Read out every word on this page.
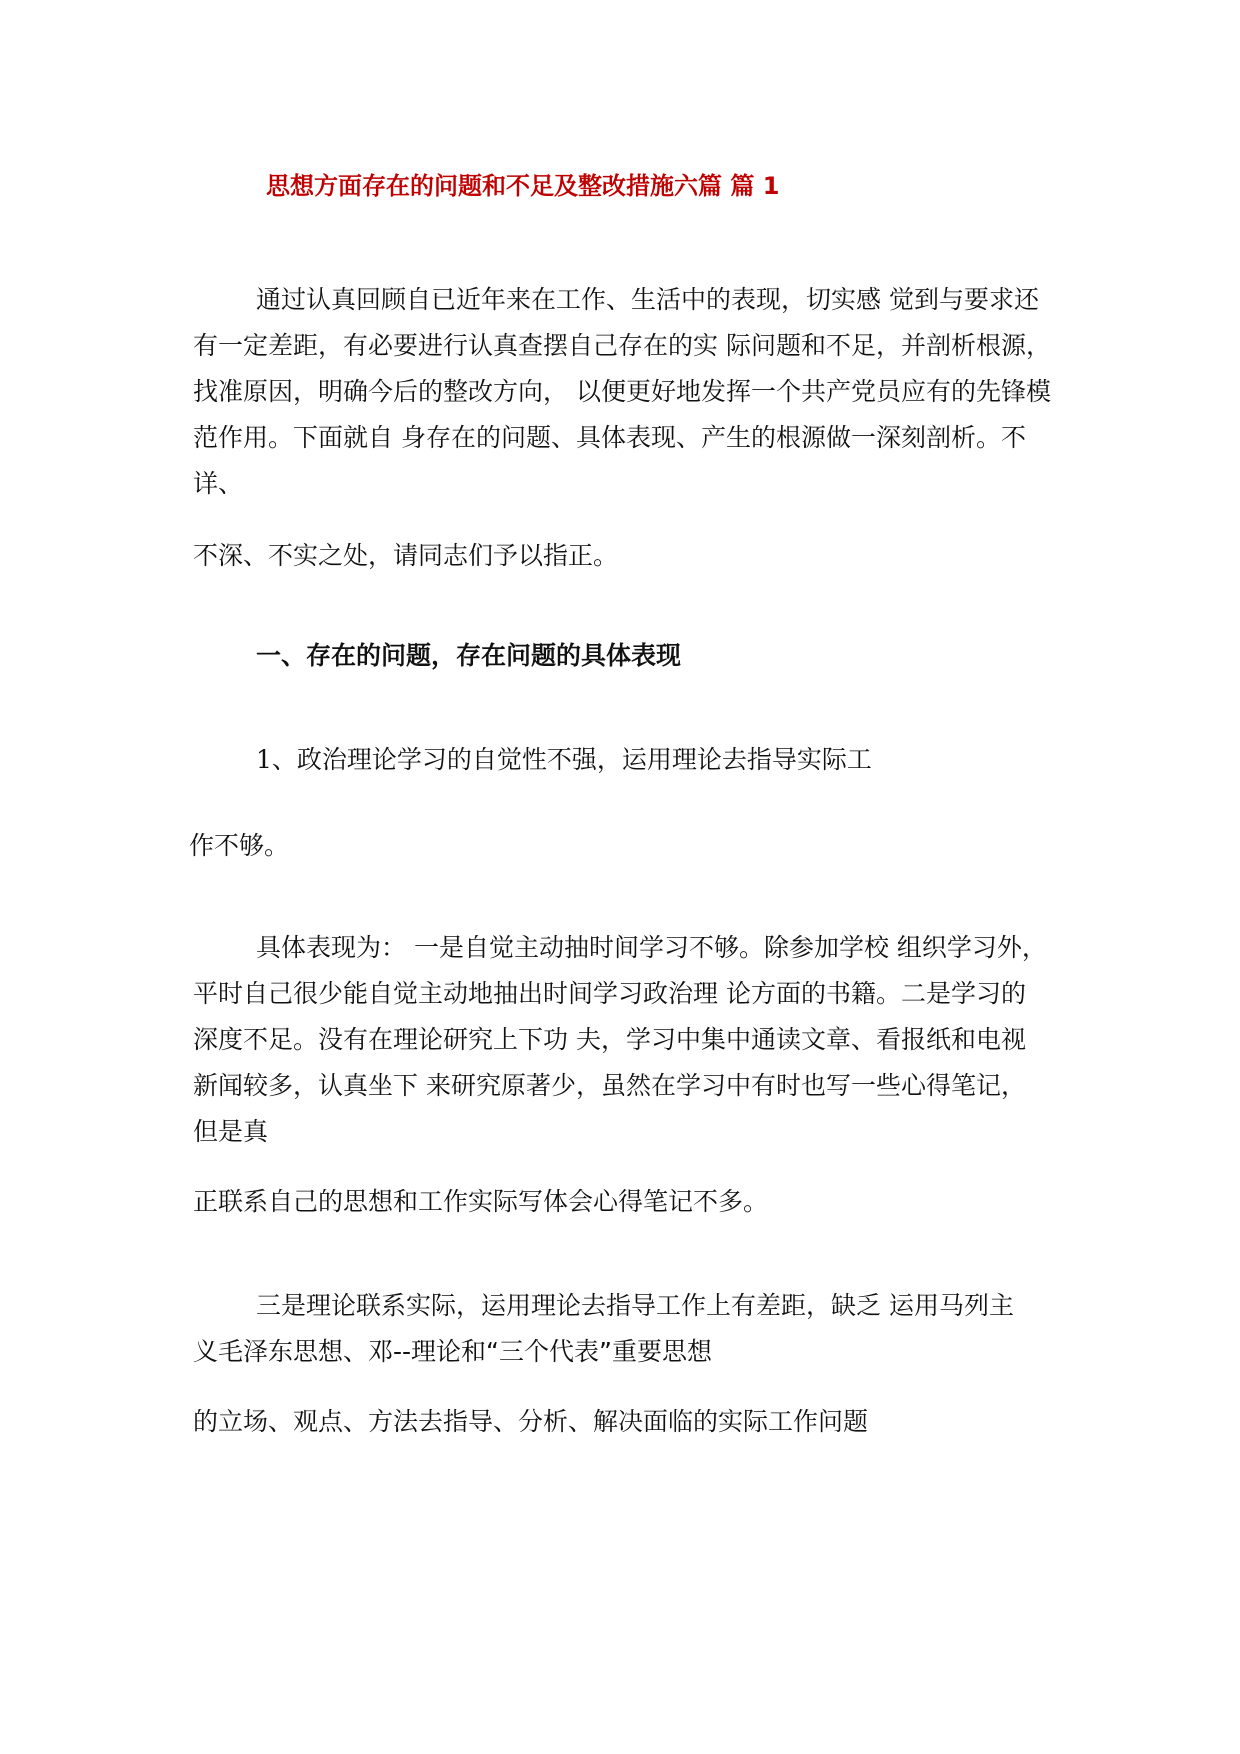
思想方面存在的问题和不足及整改措施六篇 篇 1
通过认真回顾自已近年来在工作、生活中的表现，切实感 觉到与要求还
有一定差距，有必要进行认真查摆自己存在的实 际问题和不足，并剖析根源，
找准原因，明确今后的整改方向， 以便更好地发挥一个共产党员应有的先锋模
范作用。下面就自 身存在的问题、具体表现、产生的根源做一深刻剖析。不
详、
不深、不实之处，请同志们予以指正。
一、存在的问题，存在问题的具体表现
1、政治理论学习的自觉性不强，运用理论去指导实际工
作不够。
具体表现为： 一是自觉主动抽时间学习不够。除参加学校 组织学习外，
平时自己很少能自觉主动地抽出时间学习政治理 论方面的书籍。二是学习的
深度不足。没有在理论研究上下功 夫，学习中集中通读文章、看报纸和电视
新闻较多，认真坐下 来研究原著少，虽然在学习中有时也写一些心得笔记，
但是真
正联系自己的思想和工作实际写体会心得笔记不多。
三是理论联系实际，运用理论去指导工作上有差距，缺乏 运用马列主
义毛泽东思想、邓--理论和“三个代表”重要思想
的立场、观点、方法去指导、分析、解决面临的实际工作问题
